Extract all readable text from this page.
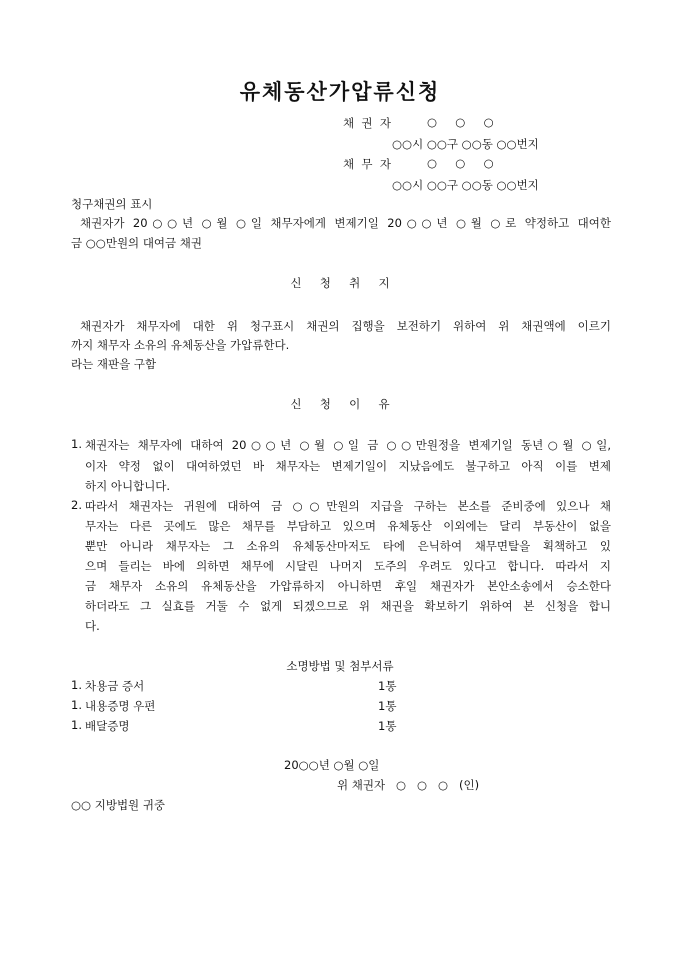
유체동산가압류신청
채  권  자	○     ○     ○
○○시 ○○구 ○○동 ○○번지
채  무  자	○     ○     ○
○○시 ○○구 ○○동 ○○번지
청구채권의 표시
채권자가 20○○년 ○월 ○일 채무자에게 변제기일 20○○년 ○월 ○로 약정하고 대여한
금 ○○만원의 대여금 채권
신     청     취     지
채권자가 채무자에 대한 위 청구표시 채권의 집행을 보전하기 위하여 위 채권액에 이르기
까지 채무자 소유의 유체동산을 가압류한다.
라는 재판을 구함
신     청     이     유
1. 채권자는 채무자에 대하여 20○○년 ○월 ○일 금 ○○만원정을 변제기일 동년○월 ○일,
이자 약정 없이 대여하였던 바 채무자는 변제기일이 지났음에도 불구하고 아직 이를 변제
하지 아니합니다.
2. 따라서 채권자는 귀원에 대하여 금 ○○만원의 지급을 구하는 본소를 준비중에 있으나 채
무자는 다른 곳에도 많은 채무를 부담하고 있으며 유체동산 이외에는 달리 부동산이 없을
뿐만 아니라 채무자는 그 소유의 유체동산마저도 타에 은닉하여 채무면탈을 획책하고 있
으며 들리는 바에 의하면 채무에 시달린 나머지 도주의 우려도 있다고 합니다. 따라서 지
금 채무자 소유의 유체동산을 가압류하지 아니하면 후일 채권자가 본안소송에서 승소한다
하더라도 그 실효를 거둘 수 없게 되겠으므로 위 채권을 확보하기 위하여 본 신청을 합니
다.
소명방법 및 첨부서류
1. 차용금 증서	1통
1. 내용증명 우편	1통
1. 배달증명	1통
20○○년 ○월 ○일
위 채권자   ○   ○   ○   (인)
○○ 지방법원 귀중
